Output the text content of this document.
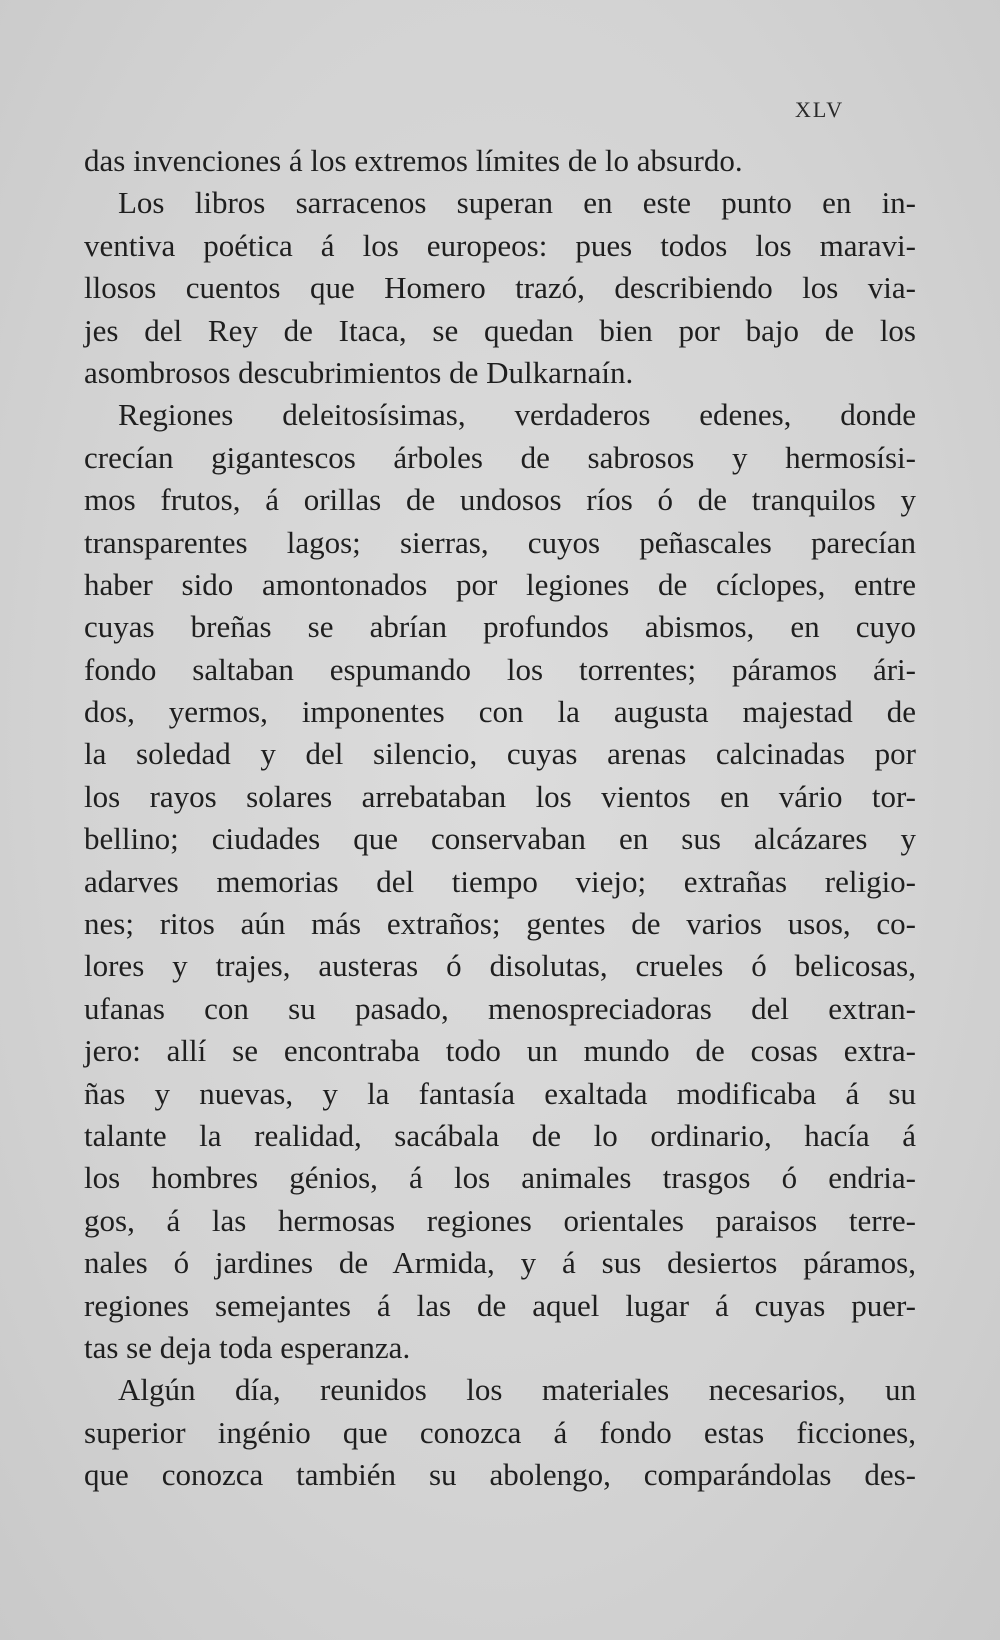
XLV
das invenciones á los extremos límites de lo absurdo.
Los libros sarracenos superan en este punto en in-
ventiva poética á los europeos: pues todos los maravi-
llosos cuentos que Homero trazó, describiendo los via-
jes del Rey de Itaca, se quedan bien por bajo de los
asombrosos descubrimientos de Dulkarnaín.
Regiones deleitosísimas, verdaderos edenes, donde
crecían gigantescos árboles de sabrosos y hermosísi-
mos frutos, á orillas de undosos ríos ó de tranquilos y
transparentes lagos; sierras, cuyos peñascales parecían
haber sido amontonados por legiones de cíclopes, entre
cuyas breñas se abrían profundos abismos, en cuyo
fondo saltaban espumando los torrentes; páramos ári-
dos, yermos, imponentes con la augusta majestad de
la soledad y del silencio, cuyas arenas calcinadas por
los rayos solares arrebataban los vientos en vário tor-
bellino; ciudades que conservaban en sus alcázares y
adarves memorias del tiempo viejo; extrañas religio-
nes; ritos aún más extraños; gentes de varios usos, co-
lores y trajes, austeras ó disolutas, crueles ó belicosas,
ufanas con su pasado, menospreciadoras del extran-
jero: allí se encontraba todo un mundo de cosas extra-
ñas y nuevas, y la fantasía exaltada modificaba á su
talante la realidad, sacábala de lo ordinario, hacía á
los hombres génios, á los animales trasgos ó endria-
gos, á las hermosas regiones orientales paraisos terre-
nales ó jardines de Armida, y á sus desiertos páramos,
regiones semejantes á las de aquel lugar á cuyas puer-
tas se deja toda esperanza.
Algún día, reunidos los materiales necesarios, un
superior ingénio que conozca á fondo estas ficciones,
que conozca también su abolengo, comparándolas des-
